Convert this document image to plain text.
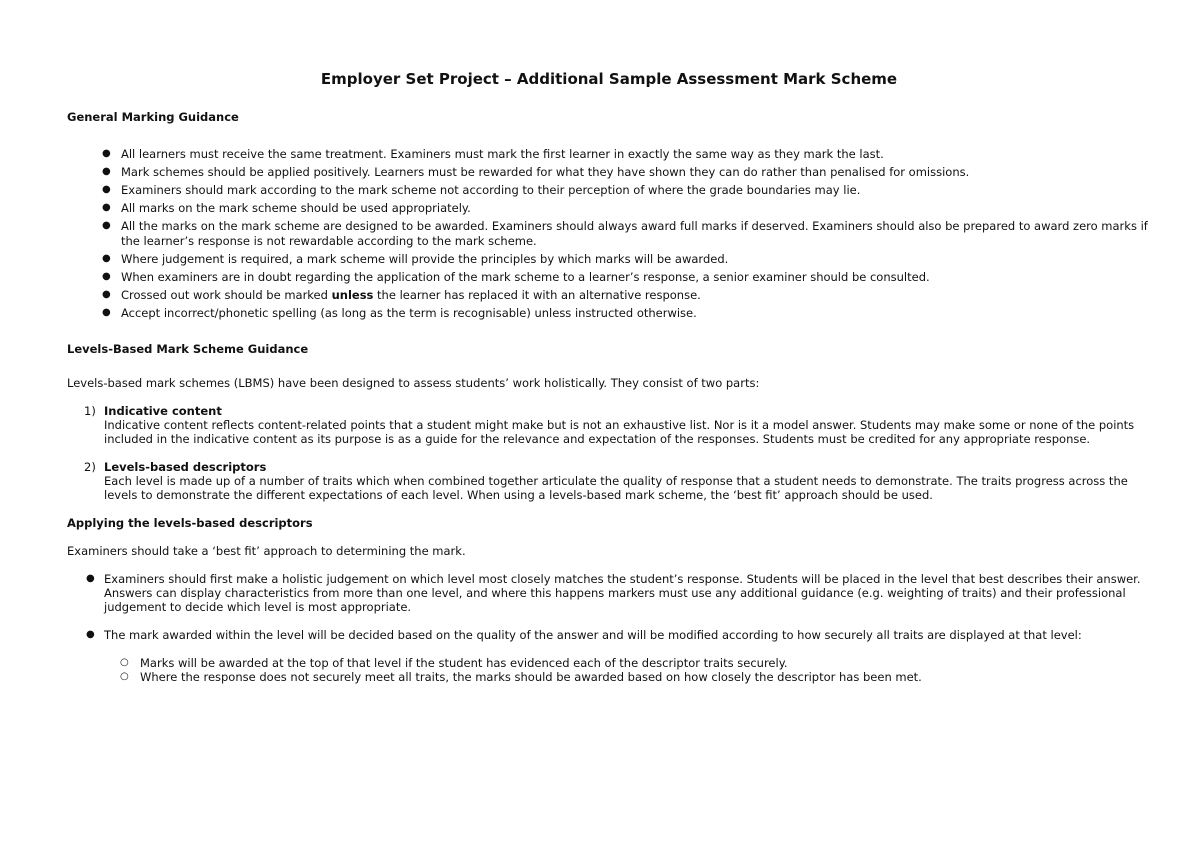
Employer Set Project – Additional Sample Assessment Mark Scheme
General Marking Guidance
● All learners must receive the same treatment. Examiners must mark the first learner in exactly the same way as they mark the last.
● Mark schemes should be applied positively. Learners must be rewarded for what they have shown they can do rather than penalised for omissions.
● Examiners should mark according to the mark scheme not according to their perception of where the grade boundaries may lie.
● All marks on the mark scheme should be used appropriately.
● All the marks on the mark scheme are designed to be awarded. Examiners should always award full marks if deserved. Examiners should also be prepared to award zero marks if the learner’s response is not rewardable according to the mark scheme.
● Where judgement is required, a mark scheme will provide the principles by which marks will be awarded.
● When examiners are in doubt regarding the application of the mark scheme to a learner’s response, a senior examiner should be consulted.
● Crossed out work should be marked unless the learner has replaced it with an alternative response.
● Accept incorrect/phonetic spelling (as long as the term is recognisable) unless instructed otherwise.
Levels-Based Mark Scheme Guidance
Levels-based mark schemes (LBMS) have been designed to assess students’ work holistically. They consist of two parts:
1) Indicative content
Indicative content reflects content-related points that a student might make but is not an exhaustive list. Nor is it a model answer. Students may make some or none of the points included in the indicative content as its purpose is as a guide for the relevance and expectation of the responses. Students must be credited for any appropriate response.
2) Levels-based descriptors
Each level is made up of a number of traits which when combined together articulate the quality of response that a student needs to demonstrate. The traits progress across the levels to demonstrate the different expectations of each level. When using a levels-based mark scheme, the ‘best fit’ approach should be used.
Applying the levels-based descriptors
Examiners should take a ‘best fit’ approach to determining the mark.
● Examiners should first make a holistic judgement on which level most closely matches the student’s response. Students will be placed in the level that best describes their answer. Answers can display characteristics from more than one level, and where this happens markers must use any additional guidance (e.g. weighting of traits) and their professional judgement to decide which level is most appropriate.
● The mark awarded within the level will be decided based on the quality of the answer and will be modified according to how securely all traits are displayed at that level:
○ Marks will be awarded at the top of that level if the student has evidenced each of the descriptor traits securely.
○ Where the response does not securely meet all traits, the marks should be awarded based on how closely the descriptor has been met.
